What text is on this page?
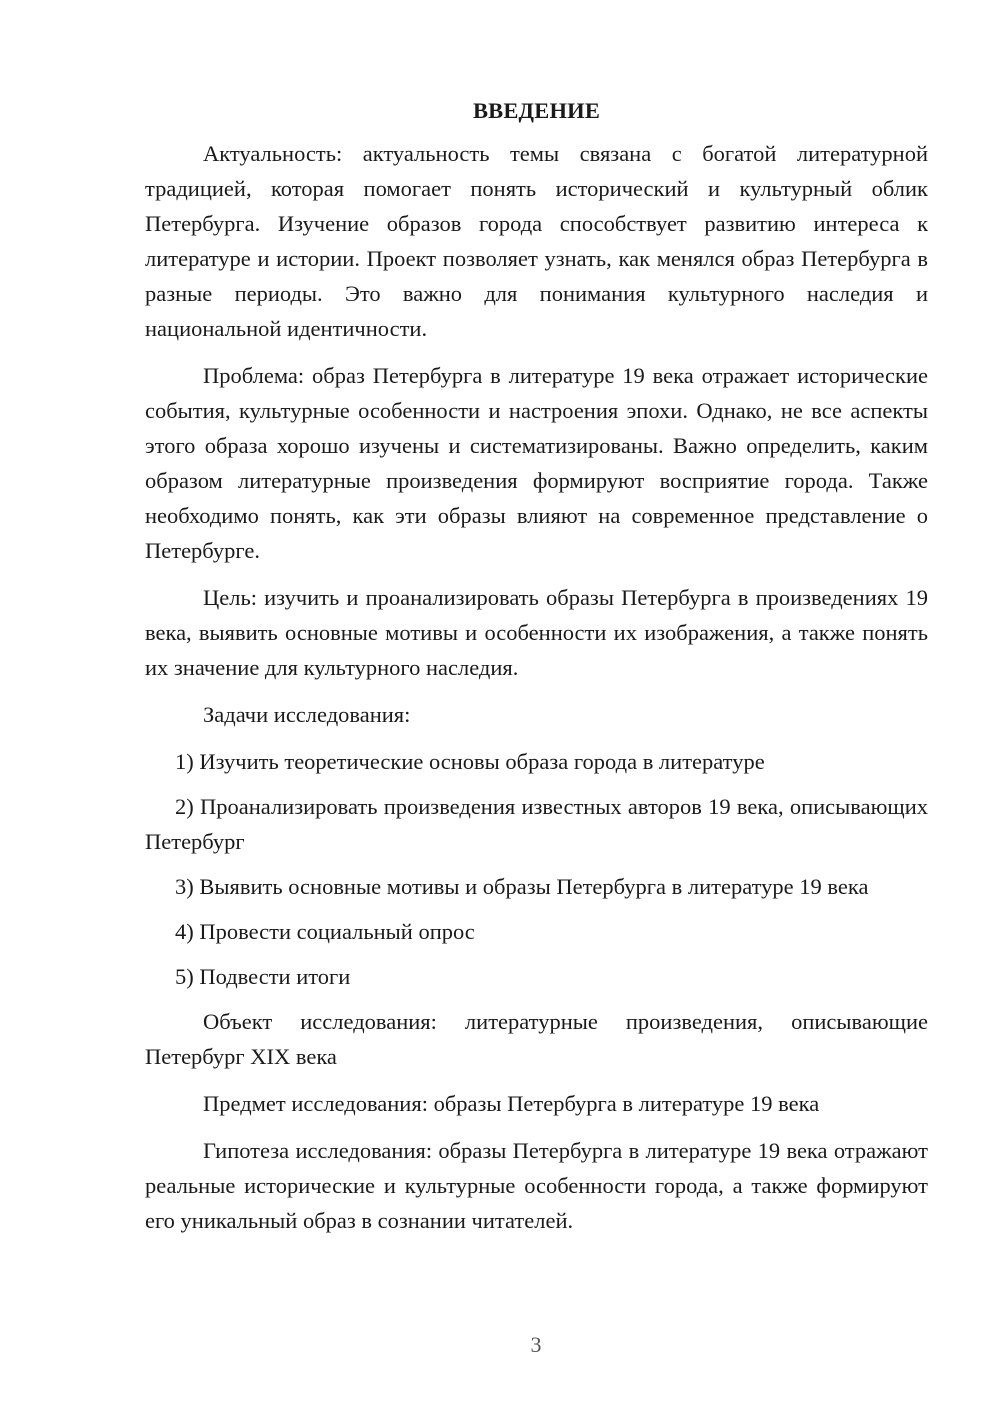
ВВЕДЕНИЕ

Актуальность: актуальность темы связана с богатой литературной традицией, которая помогает понять исторический и культурный облик Петербурга. Изучение образов города способствует развитию интереса к литературе и истории. Проект позволяет узнать, как менялся образ Петербурга в разные периоды. Это важно для понимания культурного наследия и национальной идентичности.

Проблема: образ Петербурга в литературе 19 века отражает исторические события, культурные особенности и настроения эпохи. Однако, не все аспекты этого образа хорошо изучены и систематизированы. Важно определить, каким образом литературные произведения формируют восприятие города. Также необходимо понять, как эти образы влияют на современное представление о Петербурге.

Цель: изучить и проанализировать образы Петербурга в произведениях 19 века, выявить основные мотивы и особенности их изображения, а также понять их значение для культурного наследия.

Задачи исследования:

1) Изучить теоретические основы образа города в литературе

2) Проанализировать произведения известных авторов 19 века, описывающих Петербург

3) Выявить основные мотивы и образы Петербурга в литературе 19 века

4) Провести социальный опрос

5) Подвести итоги

Объект исследования: литературные произведения, описывающие Петербург XIX века

Предмет исследования: образы Петербурга в литературе 19 века

Гипотеза исследования: образы Петербурга в литературе 19 века отражают реальные исторические и культурные особенности города, а также формируют его уникальный образ в сознании читателей.

3
